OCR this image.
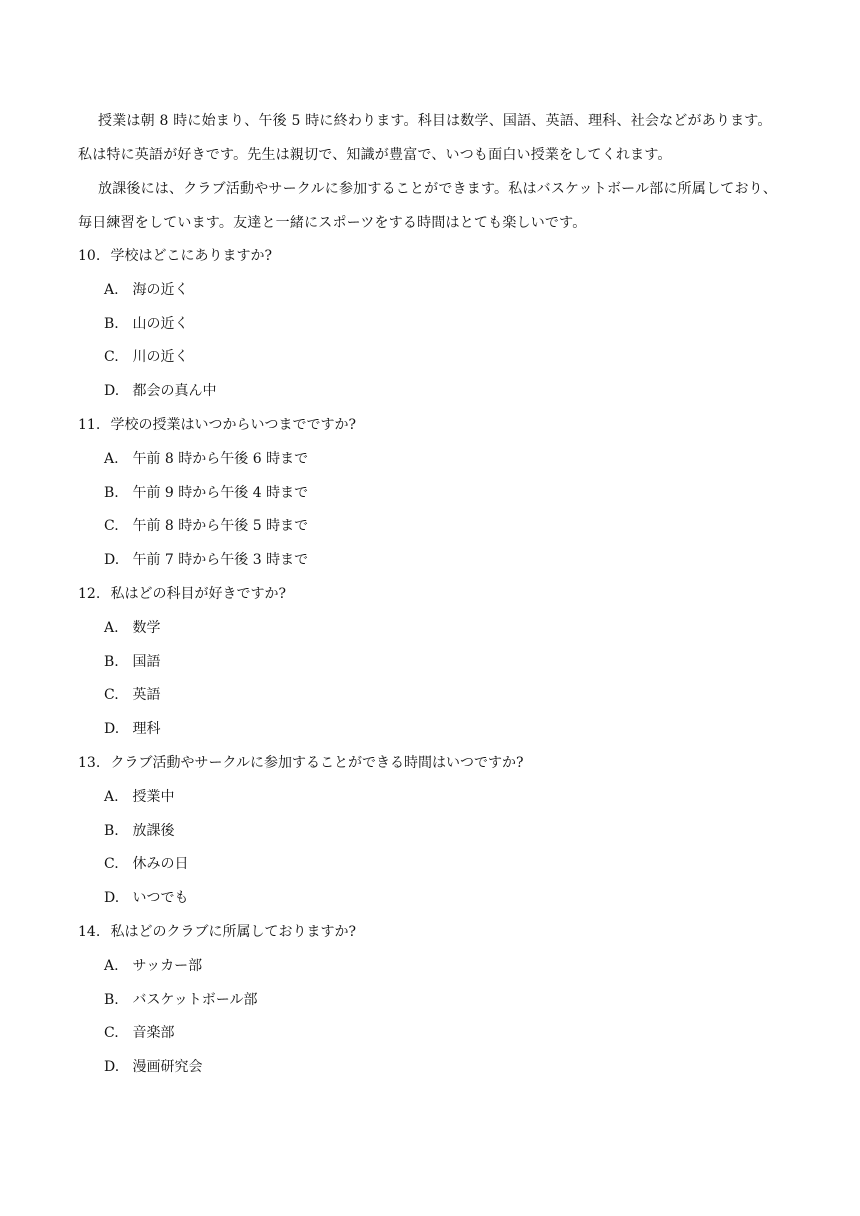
授業は朝 8 時に始まり、午後 5 時に終わります。科目は数学、国語、英語、理科、社会などがあります。私は特に英語が好きです。先生は親切で、知識が豊富で、いつも面白い授業をしてくれます。

放課後には、クラブ活動やサークルに参加することができます。私はバスケットボール部に所属しており、毎日練習をしています。友達と一緒にスポーツをする時間はとても楽しいです。

10. 学校はどこにありますか?
A. 海の近く
B. 山の近く
C. 川の近く
D. 都会の真ん中
11. 学校の授業はいつからいつまでですか?
A. 午前 8 時から午後 6 時まで
B. 午前 9 時から午後 4 時まで
C. 午前 8 時から午後 5 時まで
D. 午前 7 時から午後 3 時まで
12. 私はどの科目が好きですか?
A. 数学
B. 国語
C. 英語
D. 理科
13. クラブ活動やサークルに参加することができる時間はいつですか?
A. 授業中
B. 放課後
C. 休みの日
D. いつでも
14. 私はどのクラブに所属しておりますか?
A. サッカー部
B. バスケットボール部
C. 音楽部
D. 漫画研究会
